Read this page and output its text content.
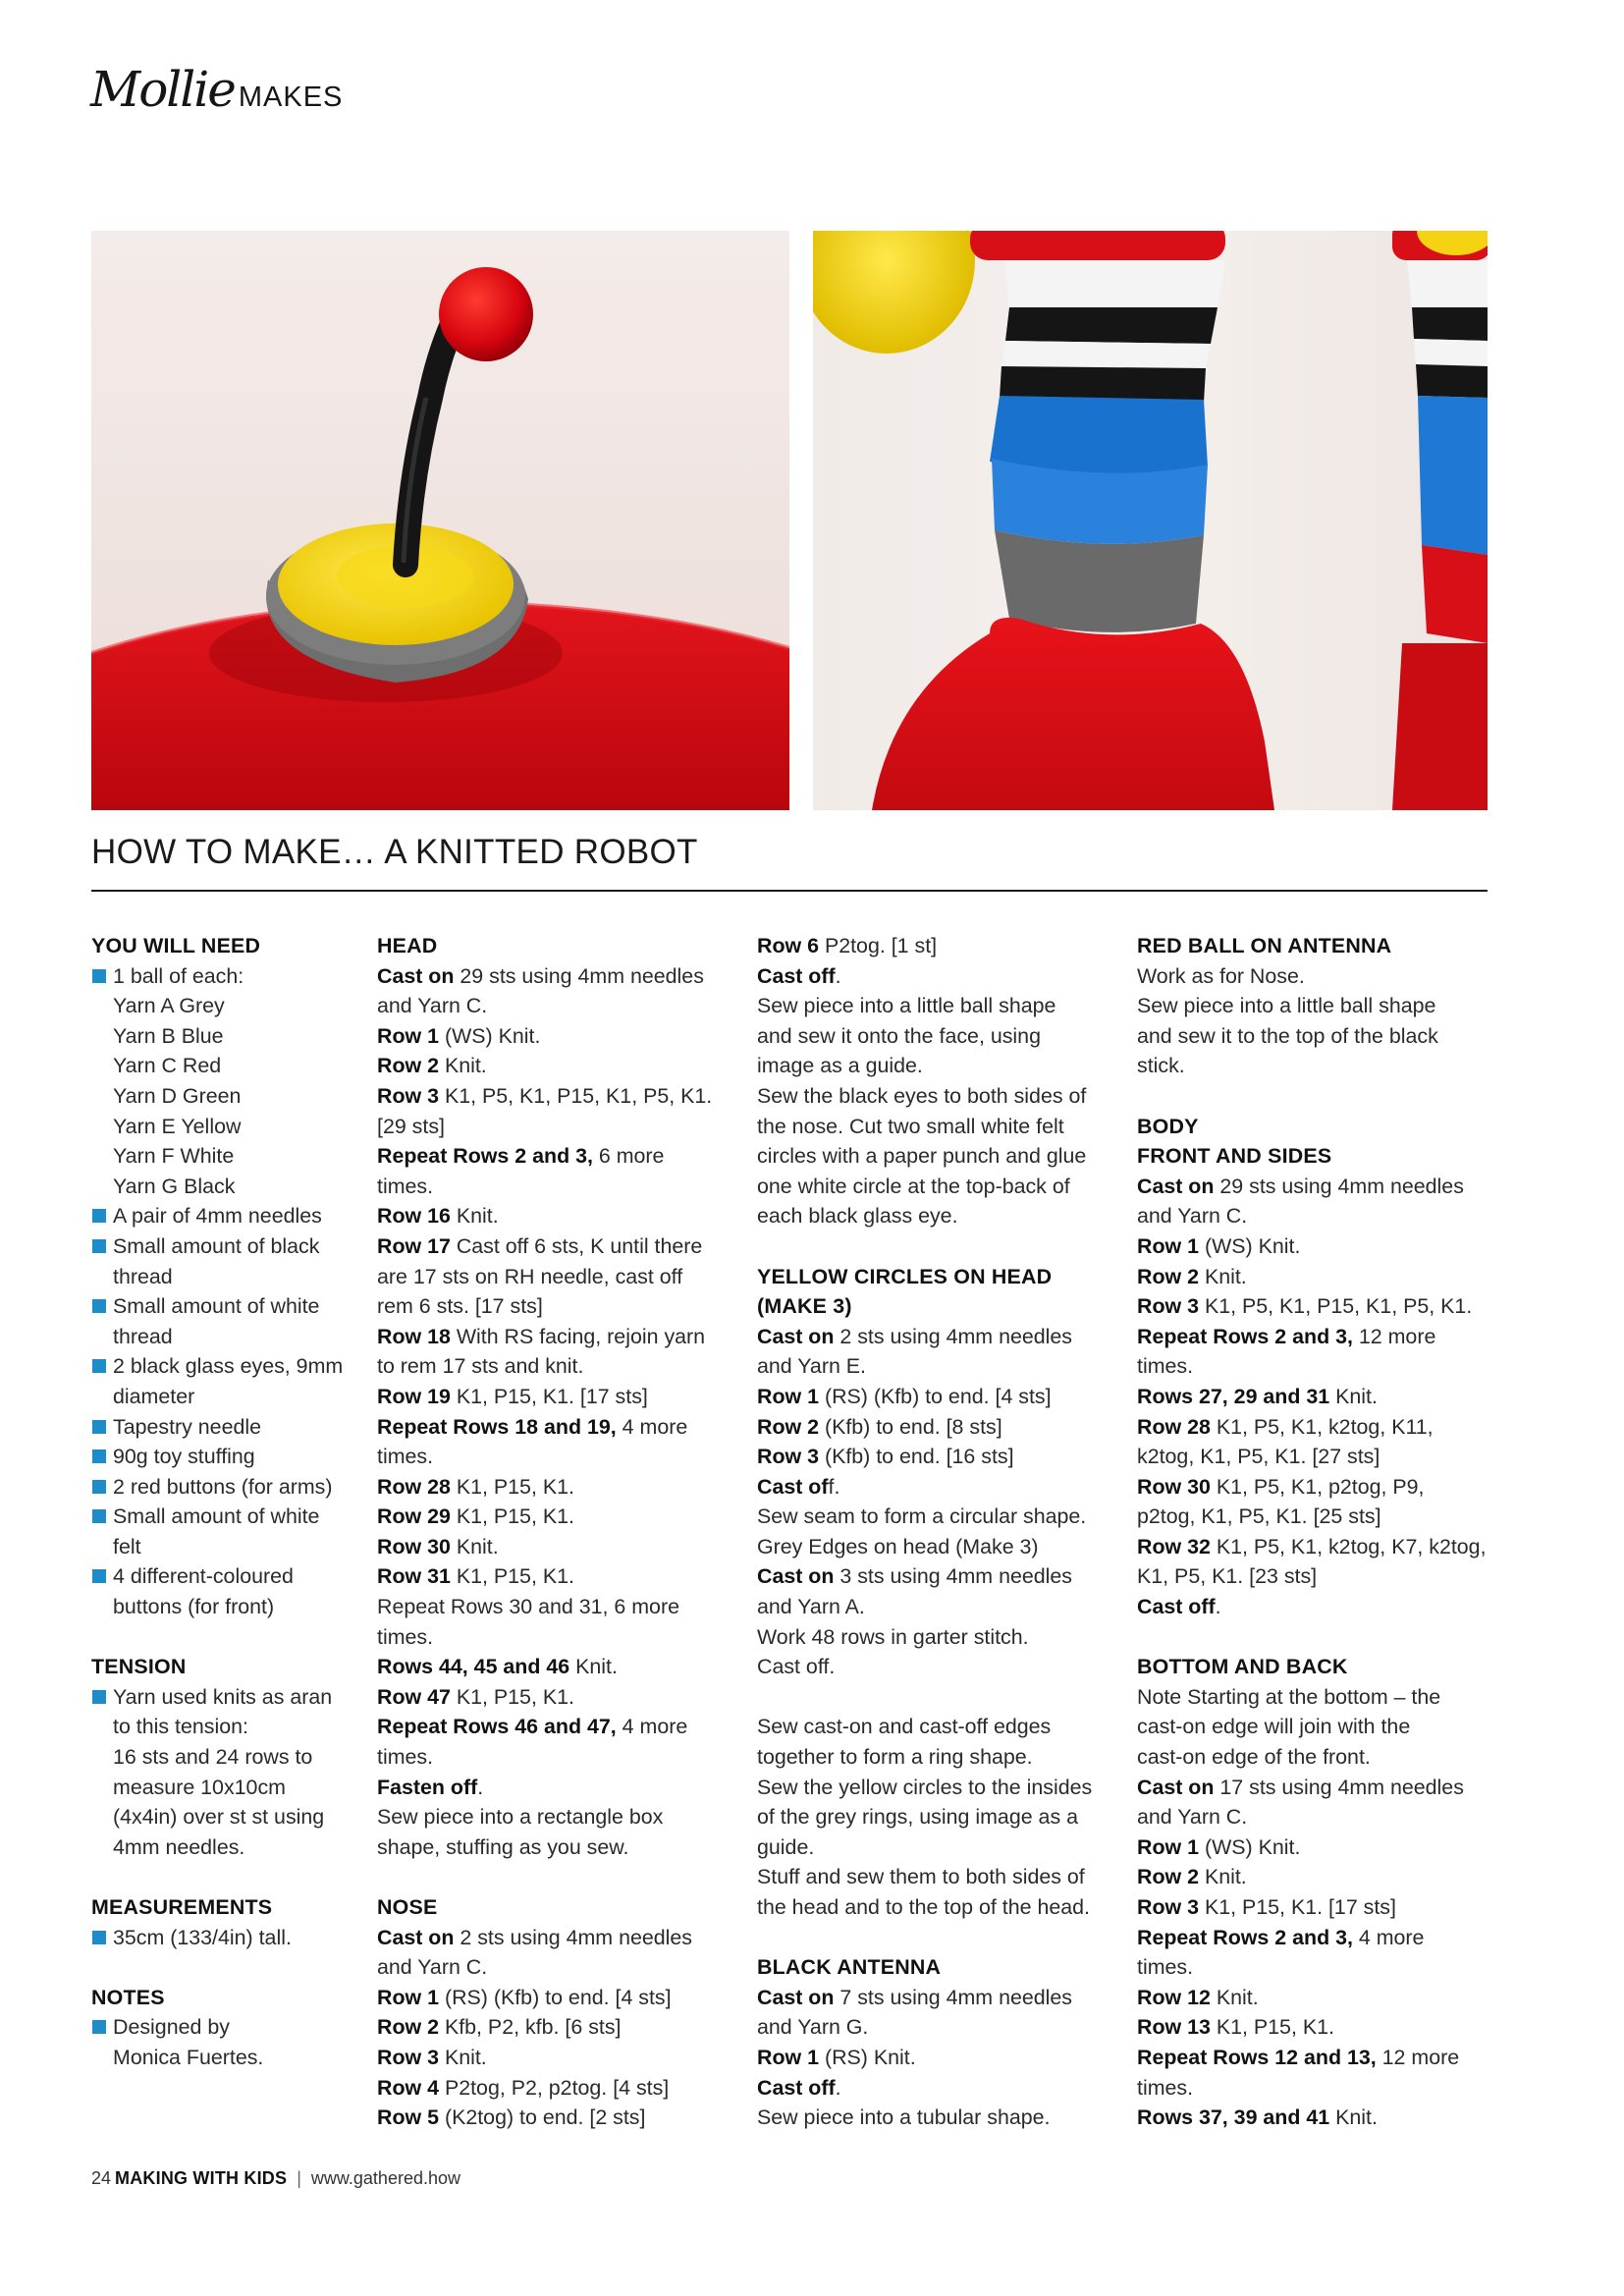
Mollie MAKES
HOW TO MAKE… A KNITTED ROBOT
YOU WILL NEED
1 ball of each:
Yarn A Grey
Yarn B Blue
Yarn C Red
Yarn D Green
Yarn E Yellow
Yarn F White
Yarn G Black
A pair of 4mm needles
Small amount of black
thread
Small amount of white
thread
2 black glass eyes, 9mm
diameter
Tapestry needle
90g toy stuffing
2 red buttons (for arms)
Small amount of white
felt
4 different-coloured
buttons (for front)
TENSION
Yarn used knits as aran
to this tension:
16 sts and 24 rows to
measure 10x10cm
(4x4in) over st st using
4mm needles.
MEASUREMENTS
35cm (133/4in) tall.
NOTES
Designed by
Monica Fuertes.
HEAD
Cast on 29 sts using 4mm needles
and Yarn C.
Row 1 (WS) Knit.
Row 2 Knit.
Row 3 K1, P5, K1, P15, K1, P5, K1.
[29 sts]
Repeat Rows 2 and 3, 6 more
times.
Row 16 Knit.
Row 17 Cast off 6 sts, K until there
are 17 sts on RH needle, cast off
rem 6 sts. [17 sts]
Row 18 With RS facing, rejoin yarn
to rem 17 sts and knit.
Row 19 K1, P15, K1. [17 sts]
Repeat Rows 18 and 19, 4 more
times.
Row 28 K1, P15, K1.
Row 29 K1, P15, K1.
Row 30 Knit.
Row 31 K1, P15, K1.
Repeat Rows 30 and 31, 6 more
times.
Rows 44, 45 and 46 Knit.
Row 47 K1, P15, K1.
Repeat Rows 46 and 47, 4 more
times.
Fasten off.
Sew piece into a rectangle box
shape, stuffing as you sew.
NOSE
Cast on 2 sts using 4mm needles
and Yarn C.
Row 1 (RS) (Kfb) to end. [4 sts]
Row 2 Kfb, P2, kfb. [6 sts]
Row 3 Knit.
Row 4 P2tog, P2, p2tog. [4 sts]
Row 5 (K2tog) to end. [2 sts]
Row 6 P2tog. [1 st]
Cast off.
Sew piece into a little ball shape
and sew it onto the face, using
image as a guide.
Sew the black eyes to both sides of
the nose. Cut two small white felt
circles with a paper punch and glue
one white circle at the top-back of
each black glass eye.
YELLOW CIRCLES ON HEAD
(MAKE 3)
Cast on 2 sts using 4mm needles
and Yarn E.
Row 1 (RS) (Kfb) to end. [4 sts]
Row 2 (Kfb) to end. [8 sts]
Row 3 (Kfb) to end. [16 sts]
Cast off.
Sew seam to form a circular shape.
Grey Edges on head (Make 3)
Cast on 3 sts using 4mm needles
and Yarn A.
Work 48 rows in garter stitch.
Cast off.
Sew cast-on and cast-off edges
together to form a ring shape.
Sew the yellow circles to the insides
of the grey rings, using image as a
guide.
Stuff and sew them to both sides of
the head and to the top of the head.
BLACK ANTENNA
Cast on 7 sts using 4mm needles
and Yarn G.
Row 1 (RS) Knit.
Cast off.
Sew piece into a tubular shape.
RED BALL ON ANTENNA
Work as for Nose.
Sew piece into a little ball shape
and sew it to the top of the black
stick.
BODY
FRONT AND SIDES
Cast on 29 sts using 4mm needles
and Yarn C.
Row 1 (WS) Knit.
Row 2 Knit.
Row 3 K1, P5, K1, P15, K1, P5, K1.
Repeat Rows 2 and 3, 12 more
times.
Rows 27, 29 and 31 Knit.
Row 28 K1, P5, K1, k2tog, K11,
k2tog, K1, P5, K1. [27 sts]
Row 30 K1, P5, K1, p2tog, P9,
p2tog, K1, P5, K1. [25 sts]
Row 32 K1, P5, K1, k2tog, K7, k2tog,
K1, P5, K1. [23 sts]
Cast off.
BOTTOM AND BACK
Note Starting at the bottom – the
cast-on edge will join with the
cast-on edge of the front.
Cast on 17 sts using 4mm needles
and Yarn C.
Row 1 (WS) Knit.
Row 2 Knit.
Row 3 K1, P15, K1. [17 sts]
Repeat Rows 2 and 3, 4 more
times.
Row 12 Knit.
Row 13 K1, P15, K1.
Repeat Rows 12 and 13, 12 more
times.
Rows 37, 39 and 41 Knit.
24 MAKING WITH KIDS | www.gathered.how
